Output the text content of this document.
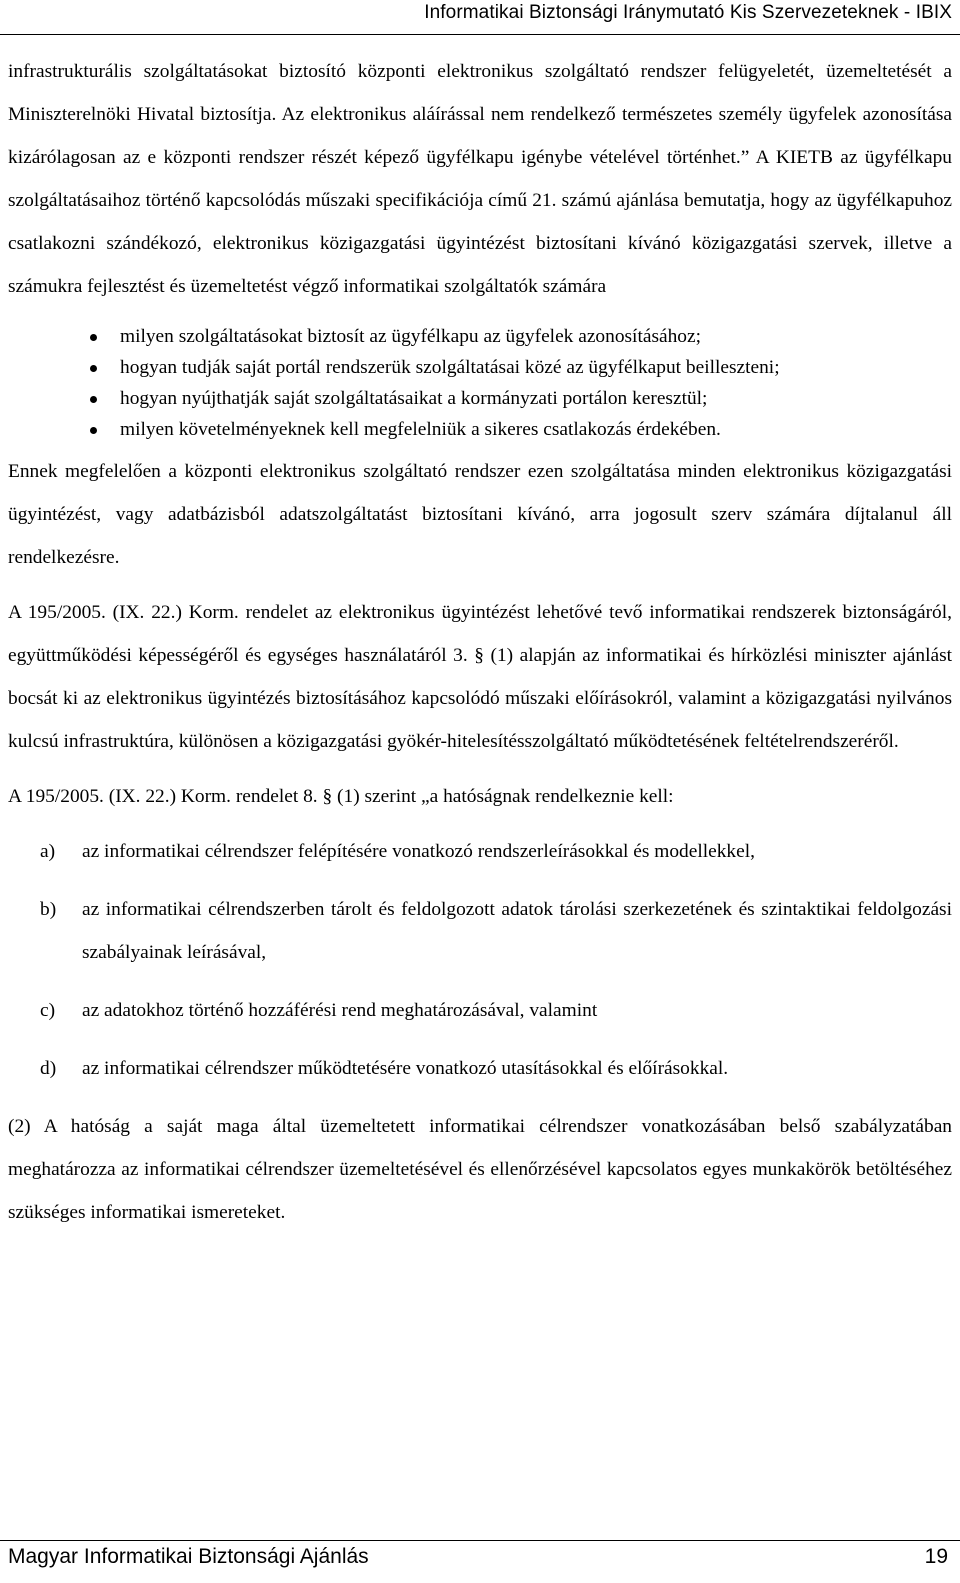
Informatikai Biztonsági Iránymutató Kis Szervezeteknek - IBIX

infrastrukturális szolgáltatásokat biztosító központi elektronikus szolgáltató rendszer felügyeletét, üzemeltetését a Miniszterelnöki Hivatal biztosítja. Az elektronikus aláírással nem rendelkező természetes személy ügyfelek azonosítása kizárólagosan az e központi rendszer részét képező ügyfélkapu igénybe vételével történhet.” A KIETB az ügyfélkapu szolgáltatásaihoz történő kapcsolódás műszaki specifikációja című 21. számú ajánlása bemutatja, hogy az ügyfélkapuhoz csatlakozni szándékozó, elektronikus közigazgatási ügyintézést biztosítani kívánó közigazgatási szervek, illetve a számukra fejlesztést és üzemeltetést végző informatikai szolgáltatók számára

milyen szolgáltatásokat biztosít az ügyfélkapu az ügyfelek azonosításához;
hogyan tudják saját portál rendszerük szolgáltatásai közé az ügyfélkaput beilleszteni;
hogyan nyújthatják saját szolgáltatásaikat a kormányzati portálon keresztül;
milyen követelményeknek kell megfelelniük a sikeres csatlakozás érdekében.

Ennek megfelelően a központi elektronikus szolgáltató rendszer ezen szolgáltatása minden elektronikus közigazgatási ügyintézést, vagy adatbázisból adatszolgáltatást biztosítani kívánó, arra jogosult szerv számára díjtalanul áll rendelkezésre.

A 195/2005. (IX. 22.) Korm. rendelet az elektronikus ügyintézést lehetővé tevő informatikai rendszerek biztonságáról, együttműködési képességéről és egységes használatáról 3. § (1) alapján az informatikai és hírközlési miniszter ajánlást bocsát ki az elektronikus ügyintézés biztosításához kapcsolódó műszaki előírásokról, valamint a közigazgatási nyilvános kulcsú infrastruktúra, különösen a közigazgatási gyökér-hitelesítésszolgáltató működtetésének feltételrendszeréről.

A 195/2005. (IX. 22.) Korm. rendelet 8. § (1) szerint „a hatóságnak rendelkeznie kell:

a) az informatikai célrendszer felépítésére vonatkozó rendszerleírásokkal és modellekkel,
b) az informatikai célrendszerben tárolt és feldolgozott adatok tárolási szerkezetének és szintaktikai feldolgozási szabályainak leírásával,
c) az adatokhoz történő hozzáférési rend meghatározásával, valamint
d) az informatikai célrendszer működtetésére vonatkozó utasításokkal és előírásokkal.

(2) A hatóság a saját maga által üzemeltetett informatikai célrendszer vonatkozásában belső szabályzatában meghatározza az informatikai célrendszer üzemeltetésével és ellenőrzésével kapcsolatos egyes munkakörök betöltéséhez szükséges informatikai ismereteket.

Magyar Informatikai Biztonsági Ajánlás	19
